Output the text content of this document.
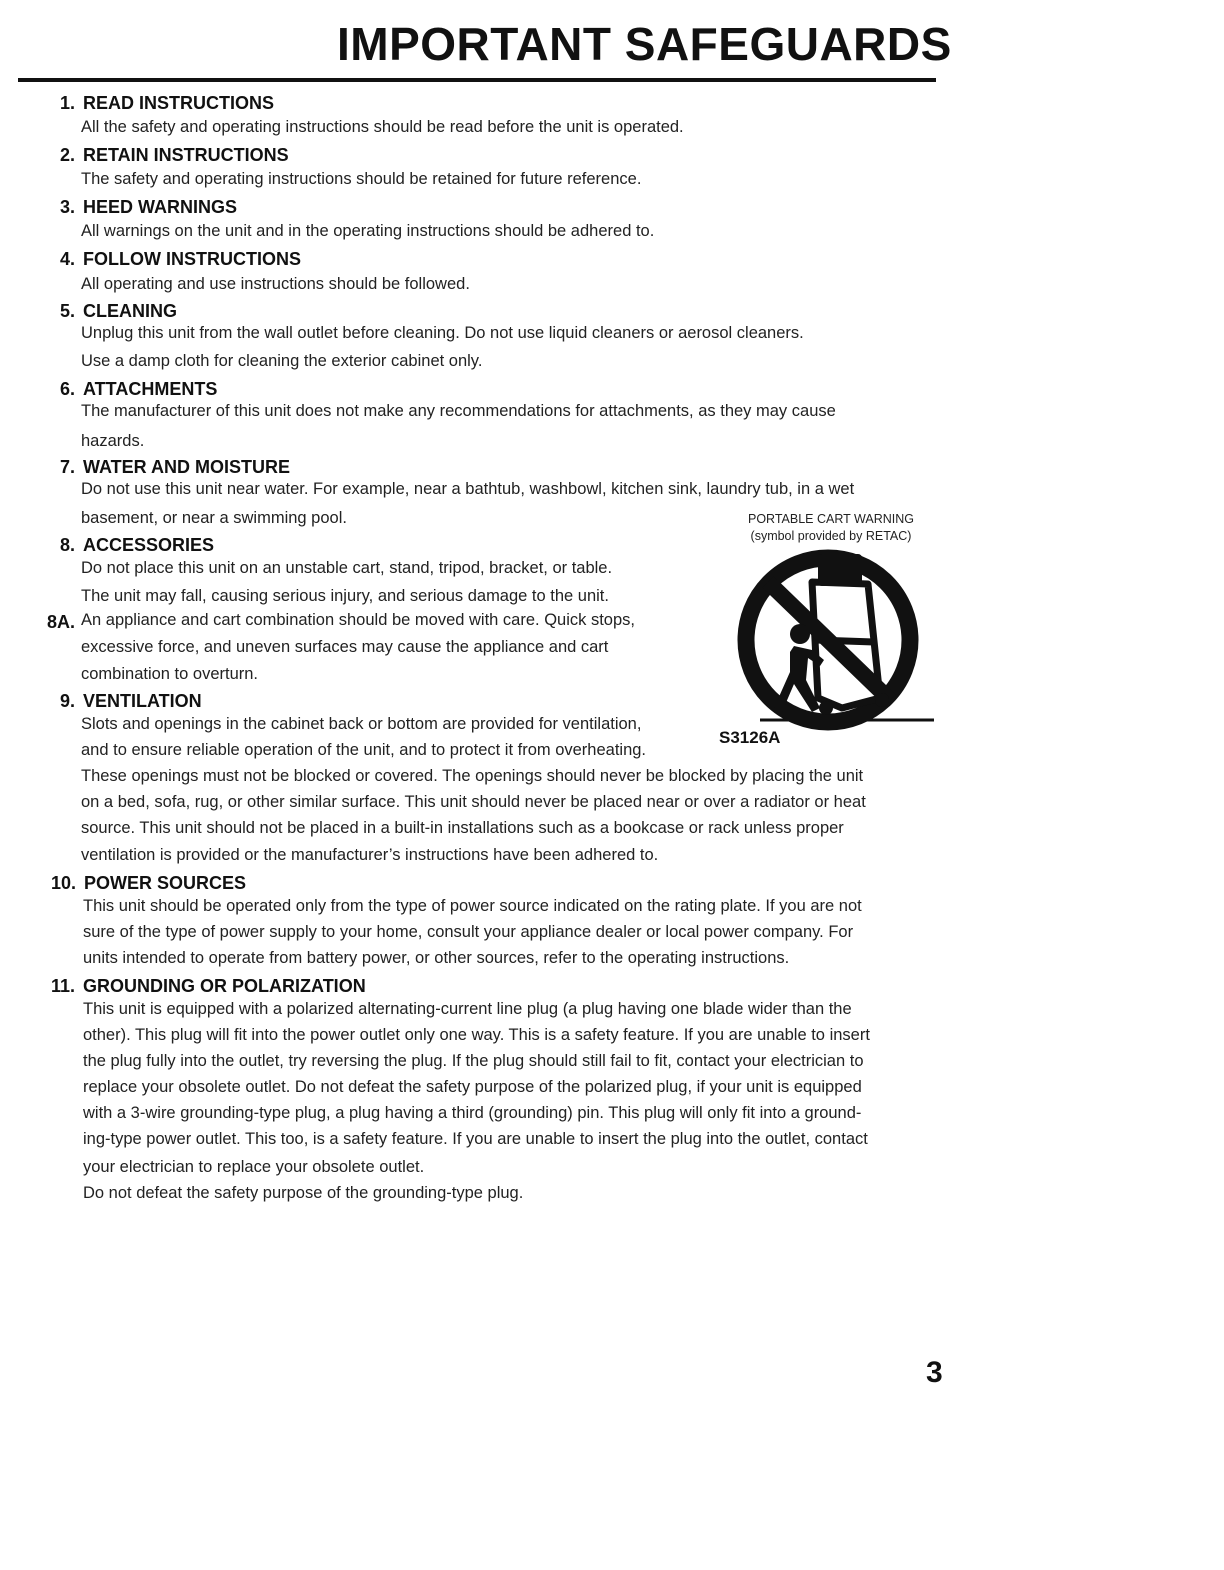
IMPORTANT SAFEGUARDS
1. READ INSTRUCTIONS
All the safety and operating instructions should be read before the unit is operated.
2. RETAIN INSTRUCTIONS
The safety and operating instructions should be retained for future reference.
3. HEED WARNINGS
All warnings on the unit and in the operating instructions should be adhered to.
4. FOLLOW INSTRUCTIONS
All operating and use instructions should be followed.
5. CLEANING
Unplug this unit from the wall outlet before cleaning. Do not use liquid cleaners or aerosol cleaners.
Use a damp cloth for cleaning the exterior cabinet only.
6. ATTACHMENTS
The manufacturer of this unit does not make any recommendations for attachments, as they may cause
hazards.
7. WATER AND MOISTURE
Do not use this unit near water. For example, near a bathtub, washbowl, kitchen sink, laundry tub, in a wet
basement, or near a swimming pool.	PORTABLE CART WARNING
(symbol provided by RETAC)
8. ACCESSORIES
Do not place this unit on an unstable cart, stand, tripod, bracket, or table.
The unit may fall, causing serious injury, and serious damage to the unit.
8A. An appliance and cart combination should be moved with care. Quick stops,
excessive force, and uneven surfaces may cause the appliance and cart
combination to overturn.
9. VENTILATION
Slots and openings in the cabinet back or bottom are provided for ventilation,
S3126A
and to ensure reliable operation of the unit, and to protect it from overheating.
These openings must not be blocked or covered. The openings should never be blocked by placing the unit
on a bed, sofa, rug, or other similar surface. This unit should never be placed near or over a radiator or heat
source. This unit should not be placed in a built-in installations such as a bookcase or rack unless proper
ventilation is provided or the manufacturer’s instructions have been adhered to.
10. POWER SOURCES
This unit should be operated only from the type of power source indicated on the rating plate. If you are not
sure of the type of power supply to your home, consult your appliance dealer or local power company. For
units intended to operate from battery power, or other sources, refer to the operating instructions.
11. GROUNDING OR POLARIZATION
This unit is equipped with a polarized alternating-current line plug (a plug having one blade wider than the
other). This plug will fit into the power outlet only one way. This is a safety feature. If you are unable to insert
the plug fully into the outlet, try reversing the plug. If the plug should still fail to fit, contact your electrician to
replace your obsolete outlet. Do not defeat the safety purpose of the polarized plug, if your unit is equipped
with a 3-wire grounding-type plug, a plug having a third (grounding) pin. This plug will only fit into a ground-
ing-type power outlet. This too, is a safety feature. If you are unable to insert the plug into the outlet, contact
your electrician to replace your obsolete outlet.
Do not defeat the safety purpose of the grounding-type plug.
3
